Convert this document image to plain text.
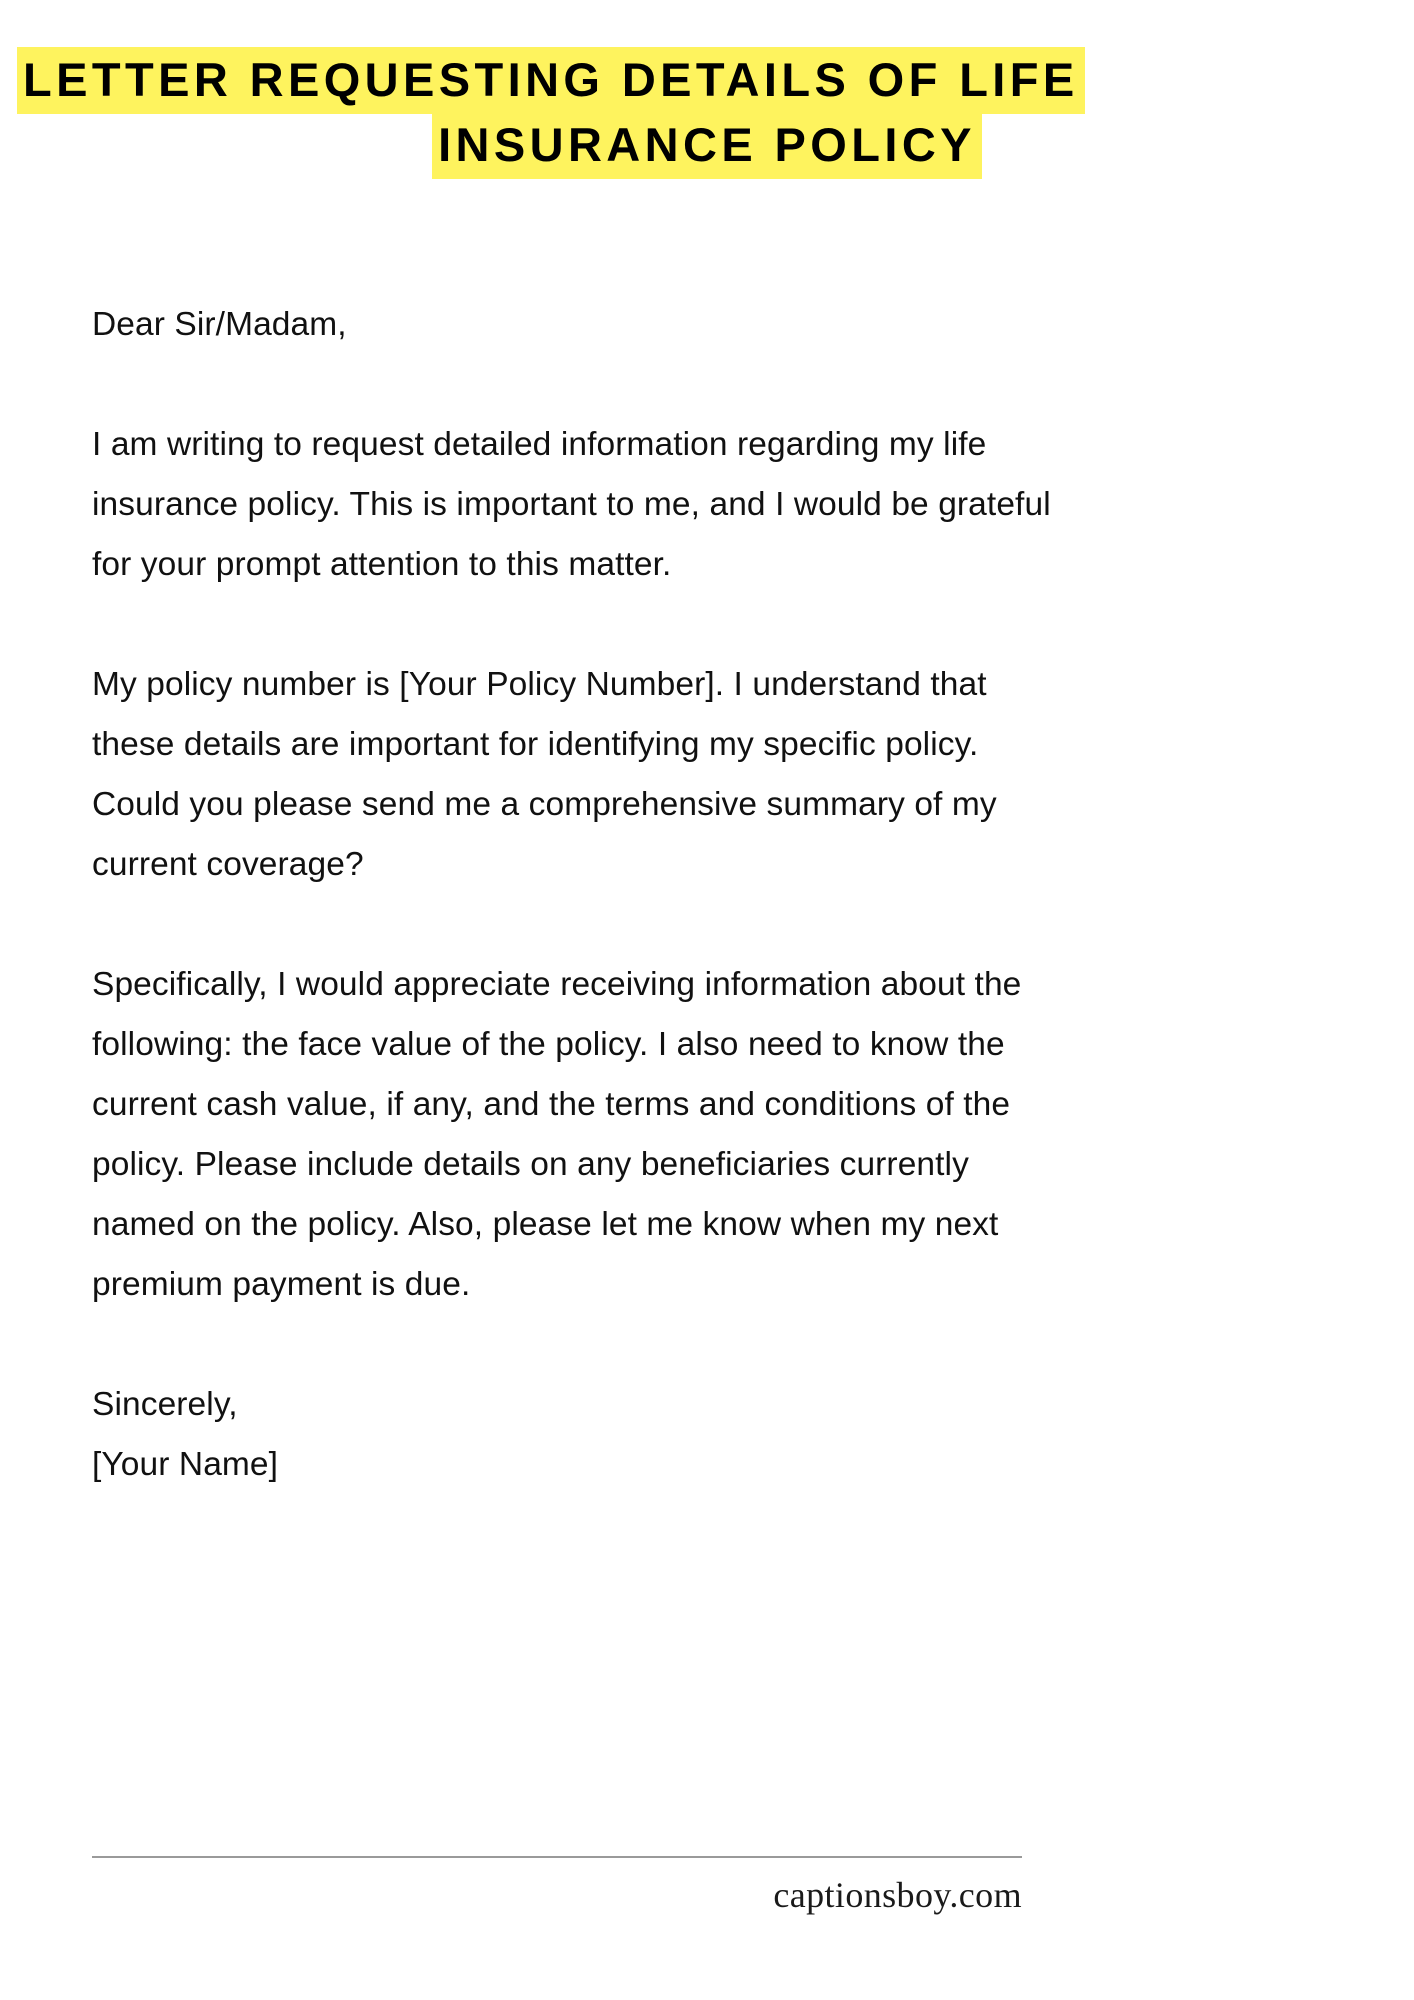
LETTER REQUESTING DETAILS OF LIFE
INSURANCE POLICY

Dear Sir/Madam,

I am writing to request detailed information regarding my life insurance policy. This is important to me, and I would be grateful for your prompt attention to this matter.

My policy number is [Your Policy Number]. I understand that these details are important for identifying my specific policy. Could you please send me a comprehensive summary of my current coverage?

Specifically, I would appreciate receiving information about the following: the face value of the policy. I also need to know the current cash value, if any, and the terms and conditions of the policy. Please include details on any beneficiaries currently named on the policy. Also, please let me know when my next premium payment is due.

Sincerely,

[Your Name]

captionsboy.com
